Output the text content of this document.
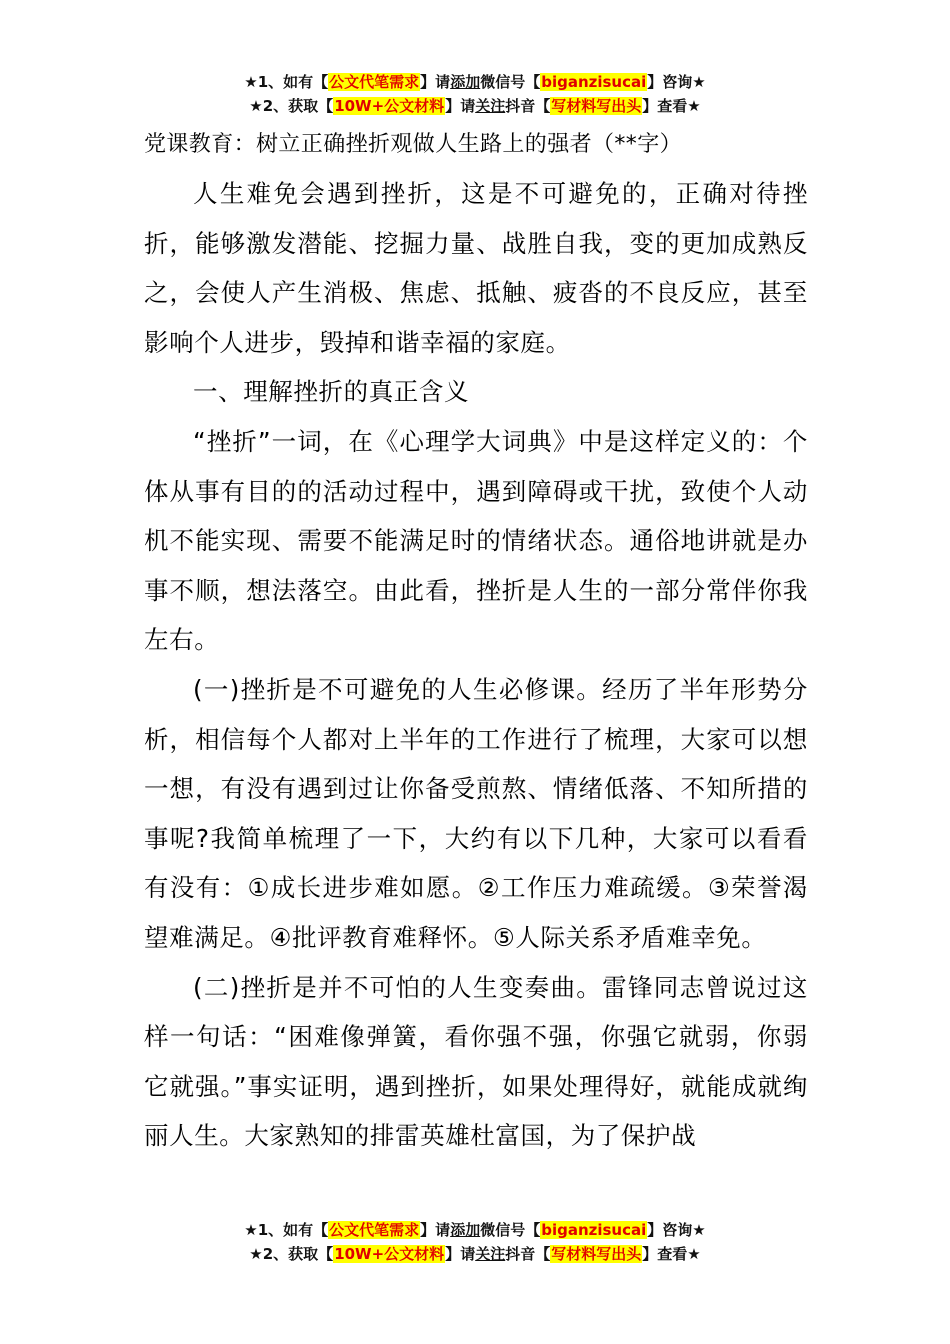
★1、如有【公文代笔需求】请添加微信号【biganzisucai】咨询★
★2、获取【10W+公文材料】请关注抖音【写材料写出头】查看★

党课教育：树立正确挫折观做人生路上的强者（**字）

人生难免会遇到挫折，这是不可避免的，正确对待挫折，能够激发潜能、挖掘力量、战胜自我，变的更加成熟反之，会使人产生消极、焦虑、抵触、疲沓的不良反应，甚至影响个人进步，毁掉和谐幸福的家庭。

一、理解挫折的真正含义

“挫折”一词，在《心理学大词典》中是这样定义的：个体从事有目的的活动过程中，遇到障碍或干扰，致使个人动机不能实现、需要不能满足时的情绪状态。通俗地讲就是办事不顺，想法落空。由此看，挫折是人生的一部分常伴你我左右。

(一)挫折是不可避免的人生必修课。经历了半年形势分析，相信每个人都对上半年的工作进行了梳理，大家可以想一想，有没有遇到过让你备受煎熬、情绪低落、不知所措的事呢?我简单梳理了一下，大约有以下几种，大家可以看看有没有：①成长进步难如愿。②工作压力难疏缓。③荣誉渴望难满足。④批评教育难释怀。⑤人际关系矛盾难幸免。

(二)挫折是并不可怕的人生变奏曲。雷锋同志曾说过这样一句话：“困难像弹簧，看你强不强，你强它就弱，你弱它就强。”事实证明，遇到挫折，如果处理得好，就能成就绚丽人生。大家熟知的排雷英雄杜富国，为了保护战

★1、如有【公文代笔需求】请添加微信号【biganzisucai】咨询★
★2、获取【10W+公文材料】请关注抖音【写材料写出头】查看★
